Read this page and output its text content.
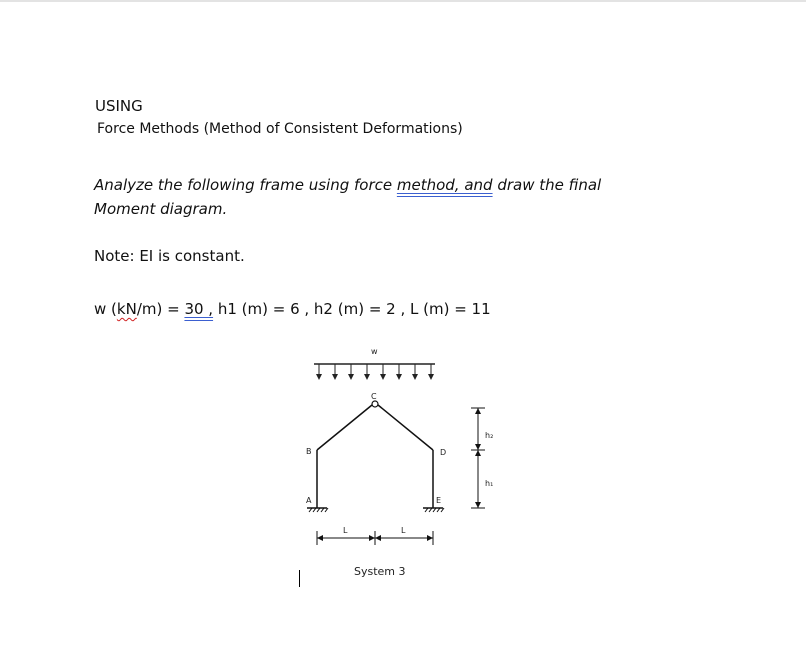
USING
Force Methods (Method of Consistent Deformations)
Analyze the following frame using force method, and draw the final
Moment diagram.
Note: EI is constant.
w (kN/m) = 30 , h1 (m) = 6 , h2 (m) = 2 , L (m) = 11
w
A
B
C
D
E
h₂
h₁
L	L
System 3
